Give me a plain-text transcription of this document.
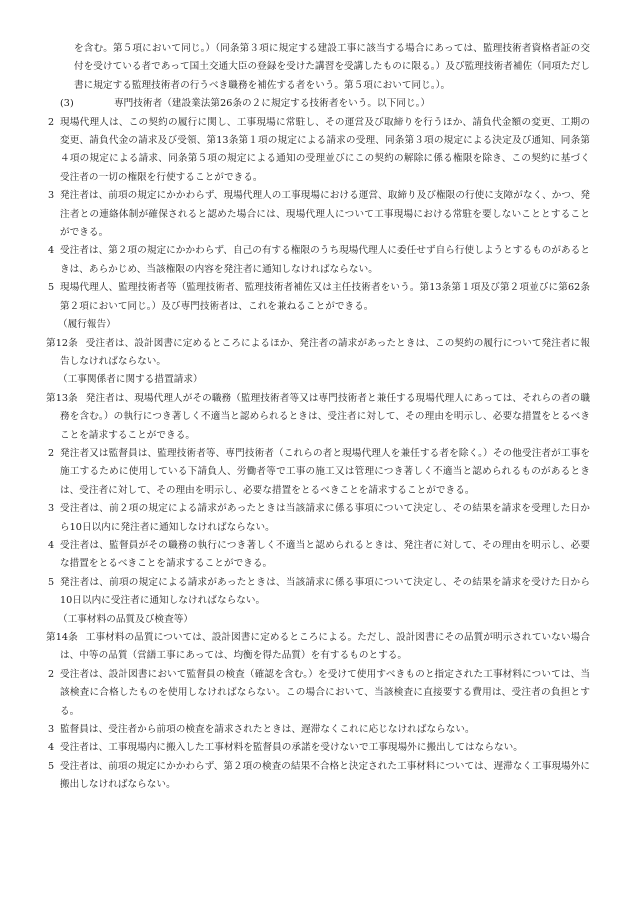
を含む。第５項において同じ。）（同条第３項に規定する建設工事に該当する場合にあっては、監理技術者資格者証の交付を受けている者であって国土交通大臣の登録を受けた講習を受講したものに限る。）及び監理技術者補佐（同項ただし書に規定する監理技術者の行うべき職務を補佐する者をいう。第５項において同じ。）。

(3)	専門技術者（建設業法第26条の２に規定する技術者をいう。以下同じ。）

2 現場代理人は、この契約の履行に関し、工事現場に常駐し、その運営及び取締りを行うほか、請負代金額の変更、工期の変更、請負代金の請求及び受領、第13条第１項の規定による請求の受理、同条第３項の規定による決定及び通知、同条第４項の規定による請求、同条第５項の規定による通知の受理並びにこの契約の解除に係る権限を除き、この契約に基づく受注者の一切の権限を行使することができる。

3 発注者は、前項の規定にかかわらず、現場代理人の工事現場における運営、取締り及び権限の行使に支障がなく、かつ、発注者との連絡体制が確保されると認めた場合には、現場代理人について工事現場における常駐を要しないこととすることができる。

4 受注者は、第２項の規定にかかわらず、自己の有する権限のうち現場代理人に委任せず自ら行使しようとするものがあるときは、あらかじめ、当該権限の内容を発注者に通知しなければならない。

5 現場代理人、監理技術者等（監理技術者、監理技術者補佐又は主任技術者をいう。第13条第１項及び第２項並びに第62条第２項において同じ。）及び専門技術者は、これを兼ねることができる。

（履行報告）

第12条 受注者は、設計図書に定めるところによるほか、発注者の請求があったときは、この契約の履行について発注者に報告しなければならない。

（工事関係者に関する措置請求）

第13条 発注者は、現場代理人がその職務（監理技術者等又は専門技術者と兼任する現場代理人にあっては、それらの者の職務を含む。）の執行につき著しく不適当と認められるときは、受注者に対して、その理由を明示し、必要な措置をとるべきことを請求することができる。

2 発注者又は監督員は、監理技術者等、専門技術者（これらの者と現場代理人を兼任する者を除く。）その他受注者が工事を施工するために使用している下請負人、労働者等で工事の施工又は管理につき著しく不適当と認められるものがあるときは、受注者に対して、その理由を明示し、必要な措置をとるべきことを請求することができる。

3 受注者は、前２項の規定による請求があったときは当該請求に係る事項について決定し、その結果を請求を受理した日から10日以内に発注者に通知しなければならない。

4 受注者は、監督員がその職務の執行につき著しく不適当と認められるときは、発注者に対して、その理由を明示し、必要な措置をとるべきことを請求することができる。

5 発注者は、前項の規定による請求があったときは、当該請求に係る事項について決定し、その結果を請求を受けた日から10日以内に受注者に通知しなければならない。

（工事材料の品質及び検査等）

第14条 工事材料の品質については、設計図書に定めるところによる。ただし、設計図書にその品質が明示されていない場合は、中等の品質（営繕工事にあっては、均衡を得た品質）を有するものとする。

2 受注者は、設計図書において監督員の検査（確認を含む。）を受けて使用すべきものと指定された工事材料については、当該検査に合格したものを使用しなければならない。この場合において、当該検査に直接要する費用は、受注者の負担とする。

3 監督員は、受注者から前項の検査を請求されたときは、遅滞なくこれに応じなければならない。

4 受注者は、工事現場内に搬入した工事材料を監督員の承諾を受けないで工事現場外に搬出してはならない。

5 受注者は、前項の規定にかかわらず、第２項の検査の結果不合格と決定された工事材料については、遅滞なく工事現場外に搬出しなければならない。
